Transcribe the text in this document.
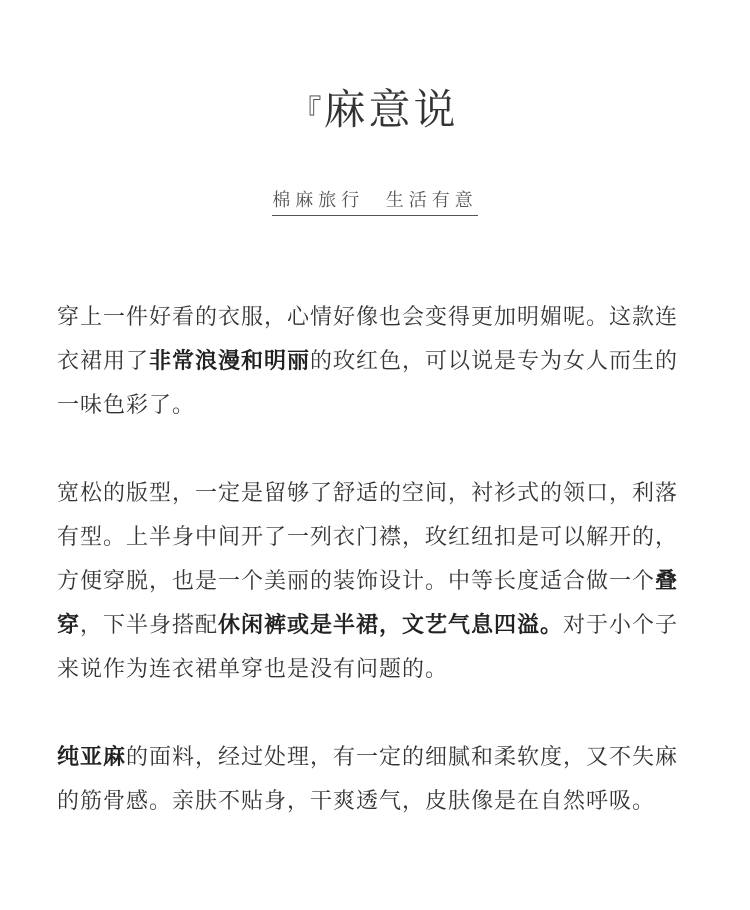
『麻意说
棉麻旅行  生活有意

穿上一件好看的衣服，心情好像也会变得更加明媚呢。这款连衣裙用了非常浪漫和明丽的玫红色，可以说是专为女人而生的一味色彩了。

宽松的版型，一定是留够了舒适的空间，衬衫式的领口，利落有型。上半身中间开了一列衣门襟，玫红纽扣是可以解开的，方便穿脱，也是一个美丽的装饰设计。中等长度适合做一个叠穿，下半身搭配休闲裤或是半裙，文艺气息四溢。对于小个子来说作为连衣裙单穿也是没有问题的。

纯亚麻的面料，经过处理，有一定的细腻和柔软度，又不失麻的筋骨感。亲肤不贴身，干爽透气，皮肤像是在自然呼吸。
